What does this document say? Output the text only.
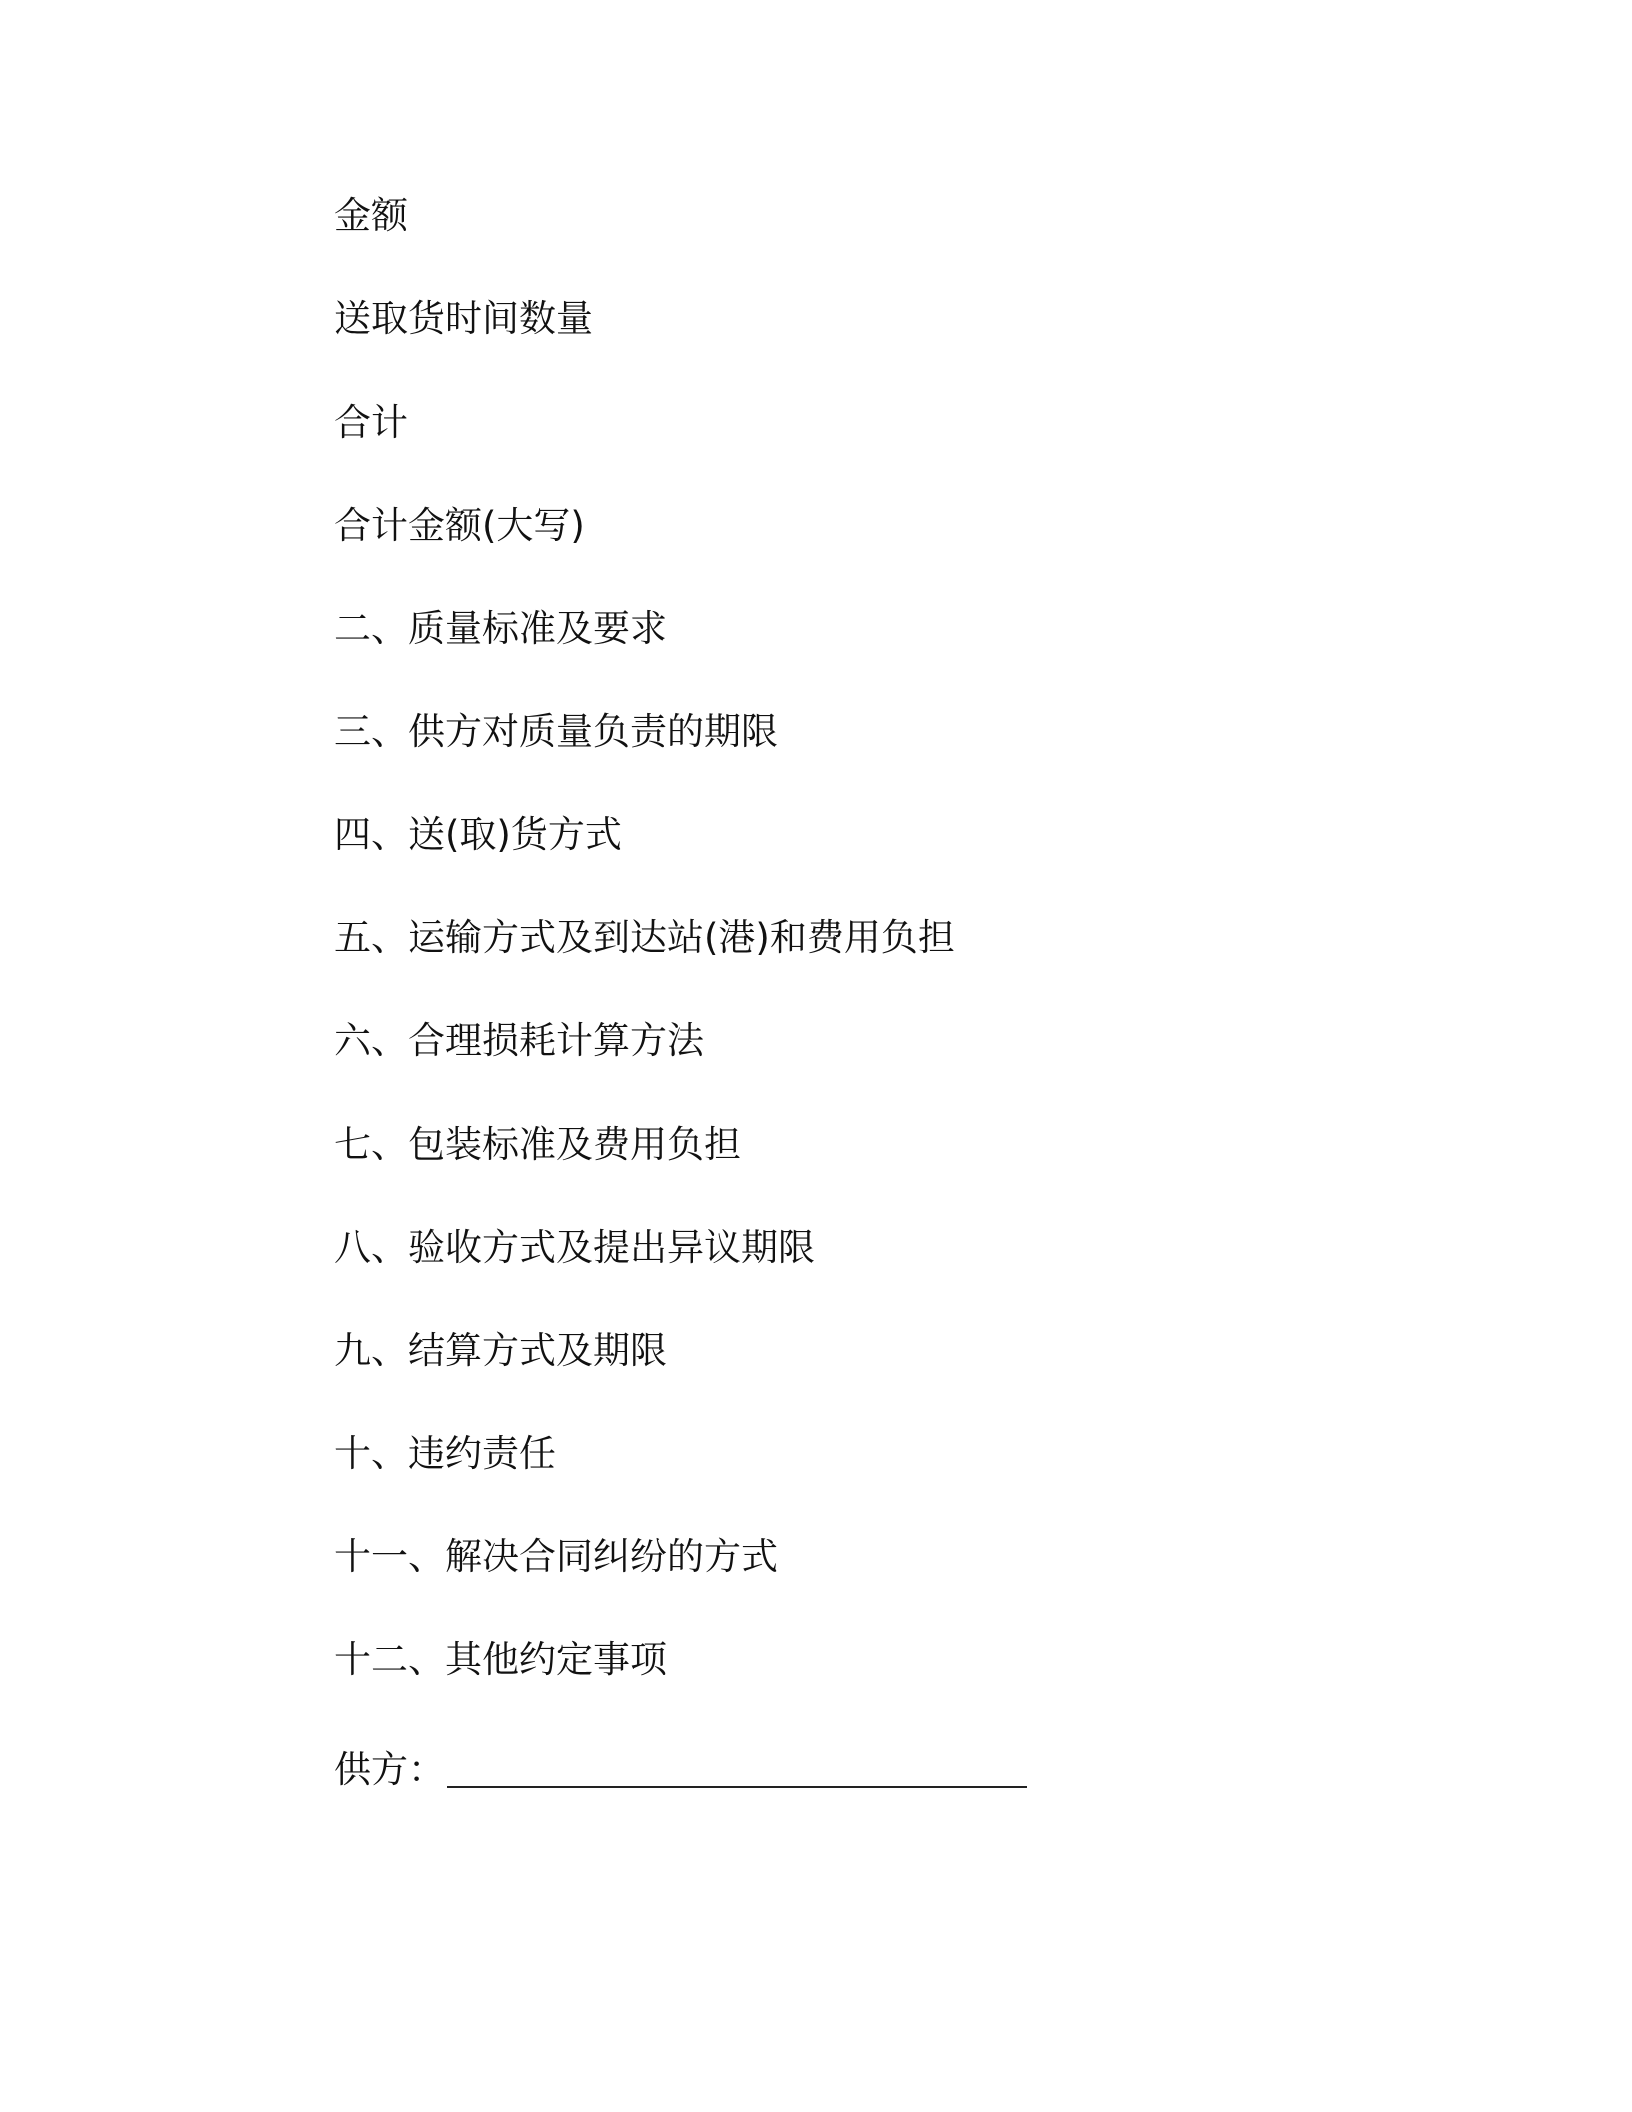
金额
送取货时间数量
合计
合计金额(大写)
二、质量标准及要求
三、供方对质量负责的期限
四、送(取)货方式
五、运输方式及到达站(港)和费用负担
六、合理损耗计算方法
七、包装标准及费用负担
八、验收方式及提出异议期限
九、结算方式及期限
十、违约责任
十一、解决合同纠纷的方式
十二、其他约定事项
供方：
